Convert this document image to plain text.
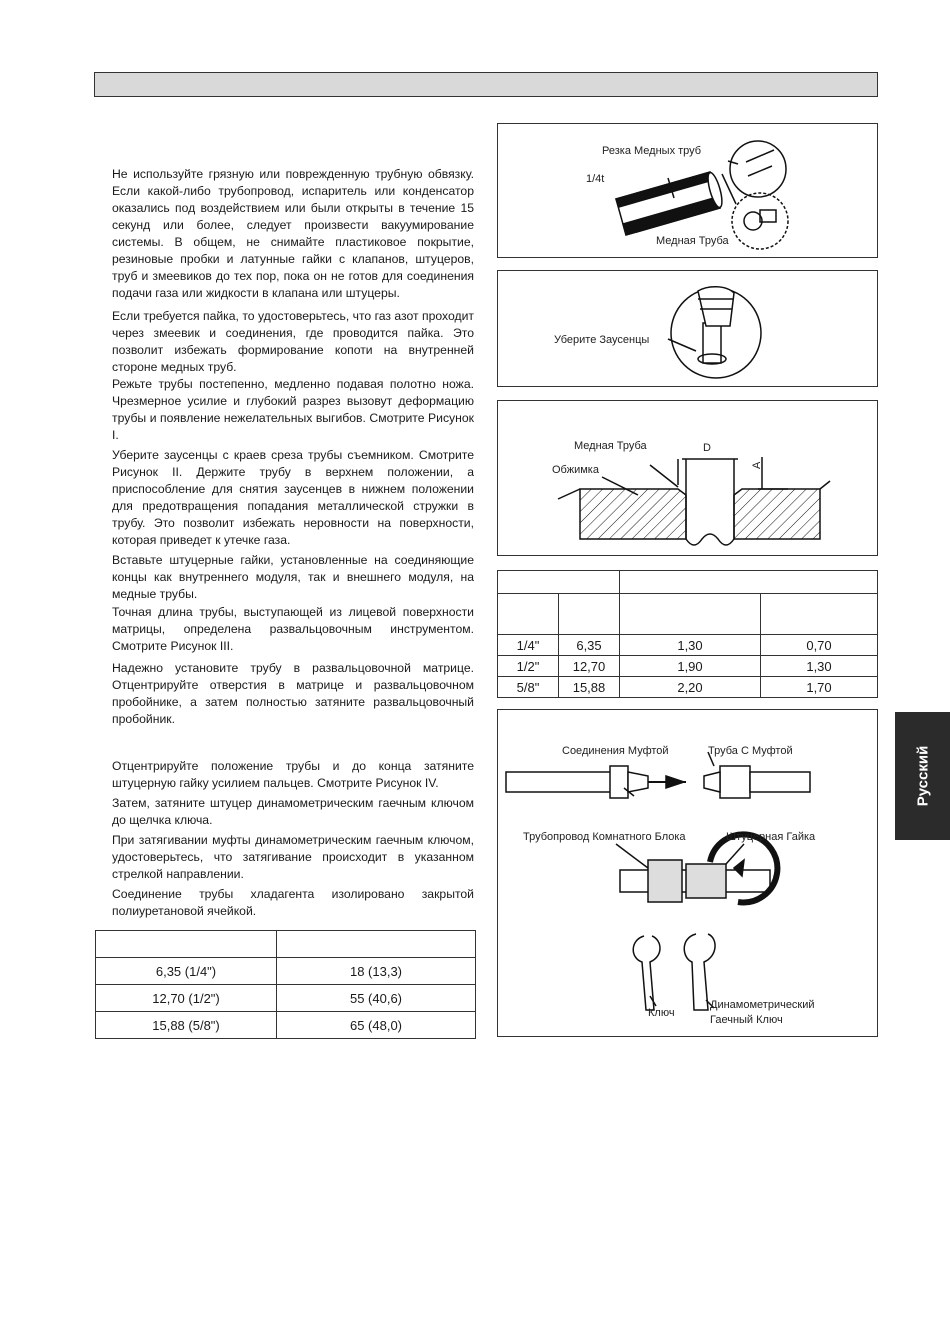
Не используйте грязную или поврежденную трубную обвязку. Если какой-либо трубопровод, испаритель или конденсатор оказались под воздействием или были открыты в течение 15 секунд или более, следует произвести вакуумирование системы. В общем, не снимайте пластиковое покрытие, резиновые пробки и латунные гайки с клапанов, штуцеров, труб и змеевиков до тех пор, пока он не готов для соединения подачи газа или жидкости в клапана или штуцеры.

Если требуется пайка, то удостоверьтесь, что газ азот проходит через змеевик и соединения, где проводится пайка. Это позволит избежать формирование копоти на внутренней стороне медных труб.

Режьте трубы постепенно, медленно подавая полотно ножа. Чрезмерное усилие и глубокий разрез вызовут деформацию трубы и появление нежелательных выгибов. Смотрите Рисунок I.

Уберите заусенцы с краев среза трубы съемником. Смотрите Рисунок II. Держите трубу в верхнем положении, а приспособление для снятия заусенцев в нижнем положении для предотвращения попадания металлической стружки в трубу. Это позволит избежать неровности на поверхности, которая приведет к утечке газа.

Вставьте штуцерные гайки, установленные на соединяющие концы как внутреннего модуля, так и внешнего модуля, на медные трубы.

Точная длина трубы, выступающей из лицевой поверхности матрицы, определена развальцовочным инструментом. Смотрите Рисунок III.

Надежно установите трубу в развальцовочной матрице. Отцентрируйте отверстия в матрице и развальцовочном пробойнике, а затем полностью затяните развальцовочный пробойник.

Отцентрируйте положение трубы и до конца затяните штуцерную гайку усилием пальцев. Смотрите Рисунок IV.

Затем, затяните штуцер динамометрическим гаечным ключом до щелчка ключа.

При затягивании муфты динамометрическим гаечным ключом, удостоверьтесь, что затягивание происходит в указанном стрелкой направлении.

Соединение трубы хладагента изолировано закрытой полиуретановой ячейкой.

6,35 (1/4")	18 (13,3)
12,70 (1/2")	55 (40,6)
15,88 (5/8")	65 (48,0)
Резка Медных труб
1/4t
Медная Труба
Уберите Заусенцы
Медная Труба
Обжимка
D
A

1/4"	6,35	1,30	0,70
1/2"	12,70	1,90	1,30
5/8"	15,88	2,20	1,70
Соединения Муфтой	Труба С Муфтой
Трубопровод Комнатного Блока	Штуцерная Гайка
Ключ
Динамометрический
Гаечный Ключ
Русский
